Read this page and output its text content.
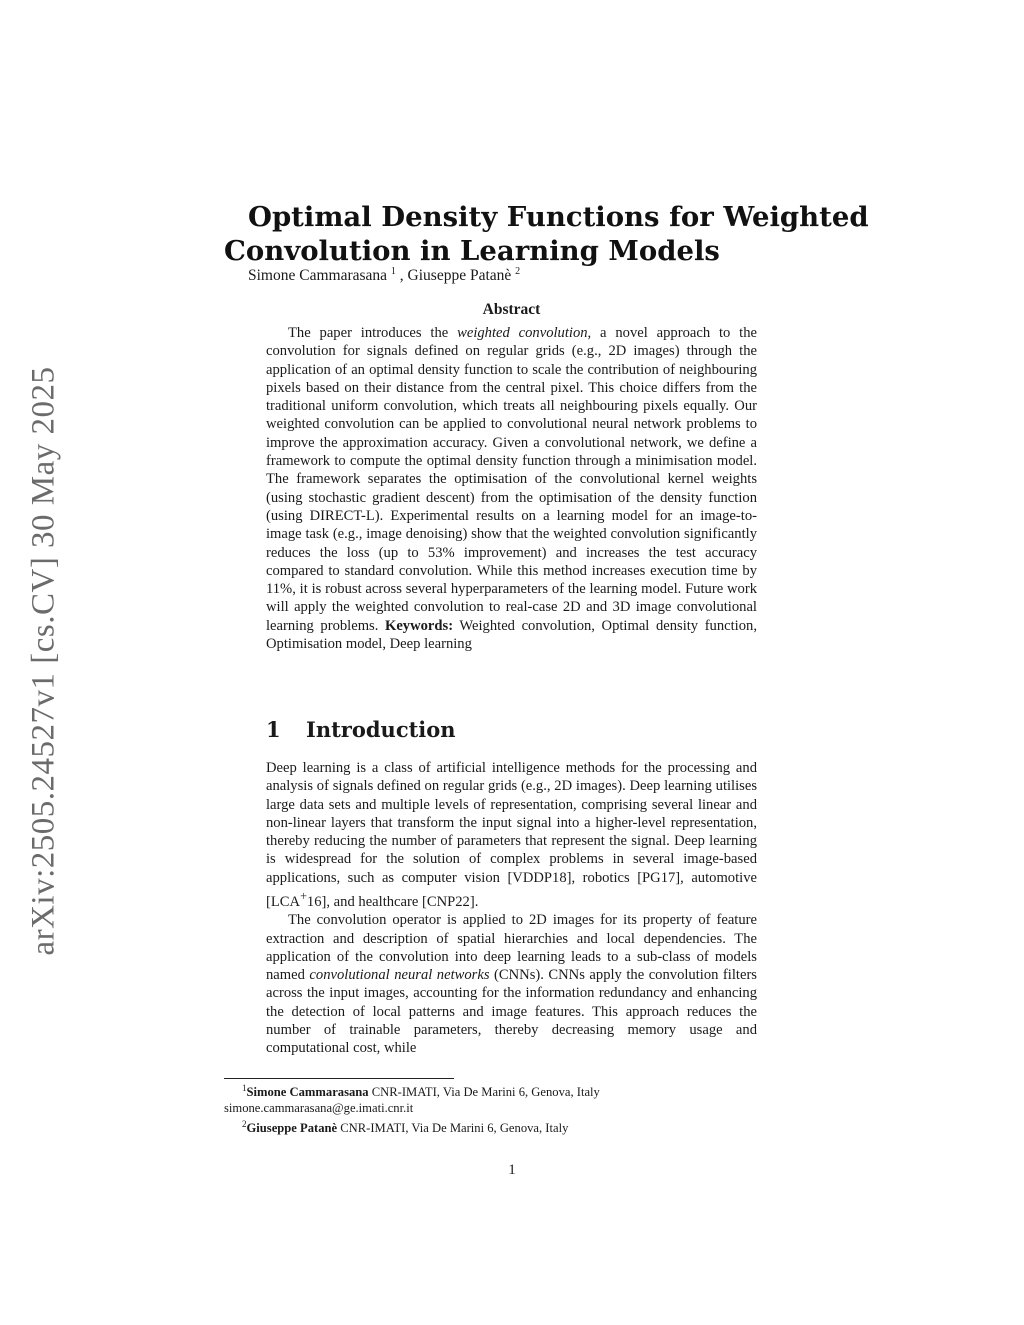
arXiv:2505.24527v1 [cs.CV] 30 May 2025
Optimal Density Functions for Weighted
Convolution in Learning Models
Simone Cammarasana $^1$ , Giuseppe Patanè $^2$
Abstract

The paper introduces the weighted convolution, a novel approach to the convolution for signals defined on regular grids (e.g., 2D images) through the application of an optimal density function to scale the contribution of neighbouring pixels based on their distance from the central pixel. This choice differs from the traditional uniform convolution, which treats all neighbouring pixels equally. Our weighted convolution can be applied to convolutional neural network problems to improve the approximation accuracy. Given a convolutional network, we define a framework to compute the optimal density function through a minimisation model. The framework separates the optimisation of the convolutional kernel weights (using stochastic gradient descent) from the optimisation of the density function (using DIRECT-L). Experimental results on a learning model for an image-to-image task (e.g., image denoising) show that the weighted convolution significantly reduces the loss (up to 53% improvement) and increases the test accuracy compared to standard convolution. While this method increases execution time by 11%, it is robust across several hyperparameters of the learning model. Future work will apply the weighted convolution to real-case 2D and 3D image convolutional learning problems. Keywords: Weighted convolution, Optimal density function, Optimisation model, Deep learning

1 Introduction

Deep learning is a class of artificial intelligence methods for the processing and analysis of signals defined on regular grids (e.g., 2D images). Deep learning utilises large data sets and multiple levels of representation, comprising several linear and non-linear layers that transform the input signal into a higher-level representation, thereby reducing the number of parameters that represent the signal. Deep learning is widespread for the solution of complex problems in several image-based applications, such as computer vision [VDDP18], robotics [PG17], automotive [LCA+16], and healthcare [CNP22].

The convolution operator is applied to 2D images for its property of feature extraction and description of spatial hierarchies and local dependencies. The application of the convolution into deep learning leads to a sub-class of models named convolutional neural networks (CNNs). CNNs apply the convolution filters across the input images, accounting for the information redundancy and enhancing the detection of local patterns and image features. This approach reduces the number of trainable parameters, thereby decreasing memory usage and computational cost, while

$^1$Simone Cammarasana CNR-IMATI, Via De Marini 6, Genova, Italy
simone.cammarasana@ge.imati.cnr.it
$^2$Giuseppe Patanè CNR-IMATI, Via De Marini 6, Genova, Italy
1
